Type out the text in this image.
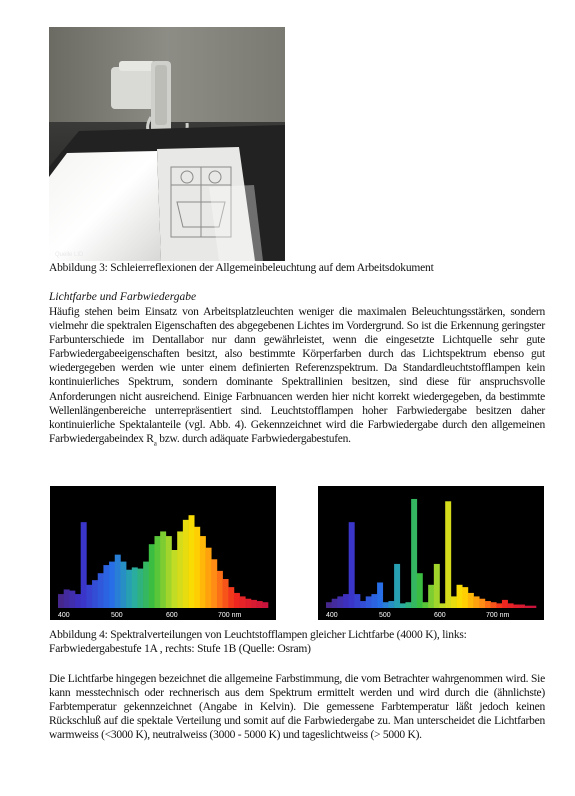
Quelle LID
Abbildung 3: Schleierreflexionen der Allgemeinbeleuchtung auf dem Arbeitsdokument
Lichtfarbe und Farbwiedergabe

Häufig stehen beim Einsatz von Arbeitsplatzleuchten weniger die maximalen Beleuchtungsstärken, sondern vielmehr die spektralen Eigenschaften des abgegebenen Lichtes im Vordergrund. So ist die Erkennung geringster Farbunterschiede im Dentallabor nur dann gewährleistet, wenn die eingesetzte Lichtquelle sehr gute Farbwiedergabeeigenschaften besitzt, also bestimmte Körperfarben durch das Lichtspektrum ebenso gut wiedergegeben werden wie unter einem definierten Referenzspektrum. Da Standardleuchtstofflampen kein kontinuierliches Spektrum, sondern dominante Spektrallinien besitzen, sind diese für anspruchsvolle Anforderungen nicht ausreichend. Einige Farbnuancen werden hier nicht korrekt wiedergegeben, da bestimmte Wellenlängenbereiche unterrepräsentiert sind. Leuchtstofflampen hoher Farbwiedergabe besitzen daher kontinuierliche Spektalanteile (vgl. Abb. 4). Gekennzeichnet wird die Farbwiedergabe durch den allgemeinen Farbwiedergabeindex $R_a$ bzw. durch adäquate Farbwiedergabestufen.

400	500	600	700 nm	400	500	600	700 nm

Abbildung 4: Spektralverteilungen von Leuchtstofflampen gleicher Lichtfarbe (4000 K), links: Farbwiedergabestufe 1A , rechts: Stufe 1B (Quelle: Osram)

Die Lichtfarbe hingegen bezeichnet die allgemeine Farbstimmung, die vom Betrachter wahrgenommen wird. Sie kann messtechnisch oder rechnerisch aus dem Spektrum ermittelt werden und wird durch die (ähnlichste) Farbtemperatur gekennzeichnet (Angabe in Kelvin). Die gemessene Farbtemperatur läßt jedoch keinen Rückschluß auf die spektale Verteilung und somit auf die Farbwiedergabe zu. Man unterscheidet die Lichtfarben warmweiss (<3000 K), neutralweiss (3000 - 5000 K) und tageslichtweiss (> 5000 K).
